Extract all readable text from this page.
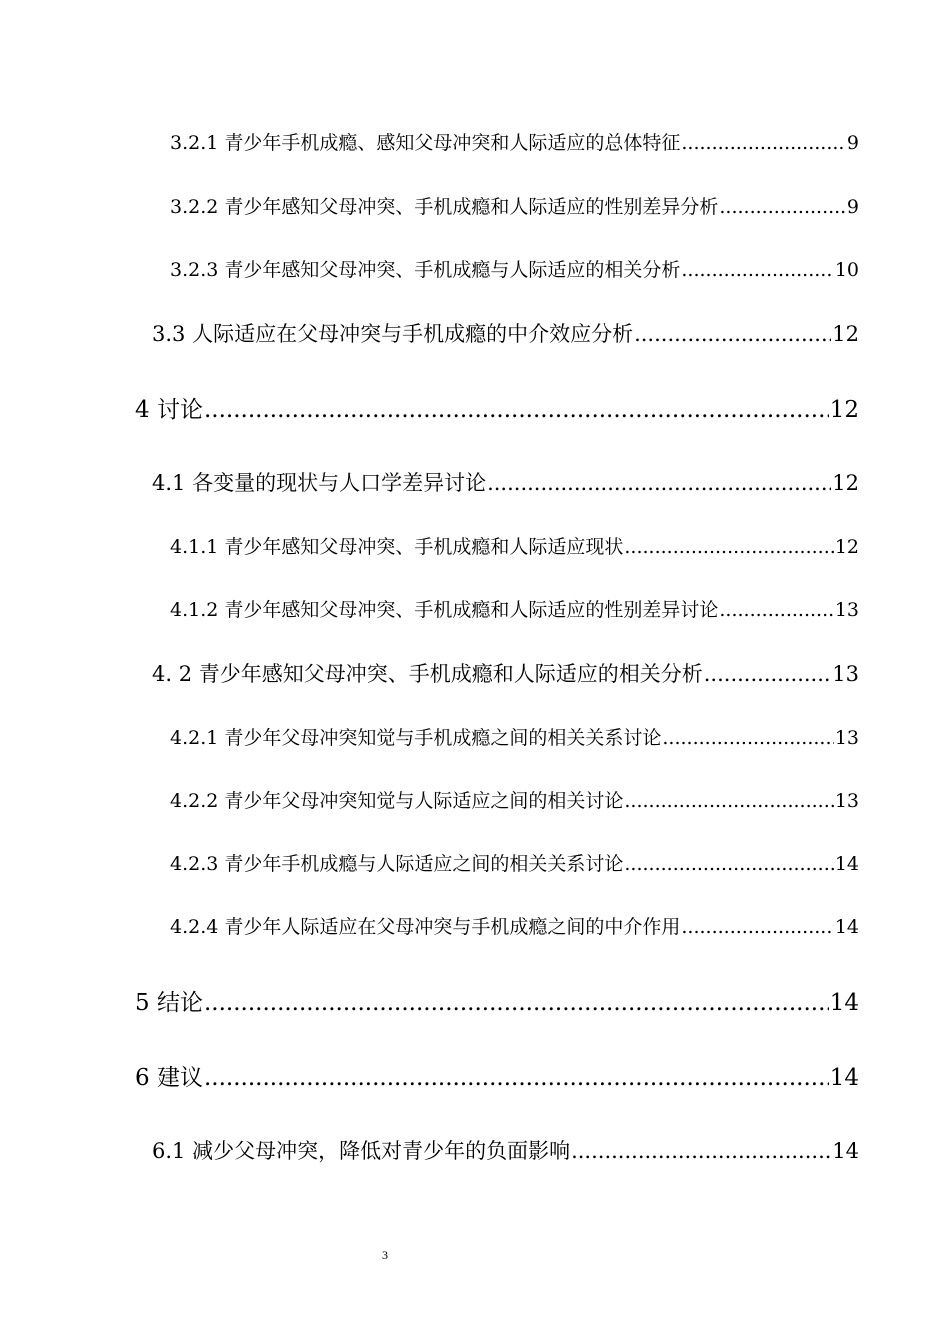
3.2.1 青少年手机成瘾、感知父母冲突和人际适应的总体特征 .....	9
3.2.2 青少年感知父母冲突、手机成瘾和人际适应的性别差异分析 .....	9
3.2.3 青少年感知父母冲突、手机成瘾与人际适应的相关分析 .....	10
3.3 人际适应在父母冲突与手机成瘾的中介效应分析 .....	12
4 讨论 .....	12
4.1 各变量的现状与人口学差异讨论 .....	12
4.1.1 青少年感知父母冲突、手机成瘾和人际适应现状 .....	12
4.1.2 青少年感知父母冲突、手机成瘾和人际适应的性别差异讨论 .....	13
4. 2 青少年感知父母冲突、手机成瘾和人际适应的相关分析 .....	13
4.2.1 青少年父母冲突知觉与手机成瘾之间的相关关系讨论 .....	13
4.2.2 青少年父母冲突知觉与人际适应之间的相关讨论 .....	13
4.2.3 青少年手机成瘾与人际适应之间的相关关系讨论 .....	14
4.2.4 青少年人际适应在父母冲突与手机成瘾之间的中介作用 .....	14
5 结论 .....	14
6 建议 .....	14
6.1 减少父母冲突，降低对青少年的负面影响 .....	14
3
